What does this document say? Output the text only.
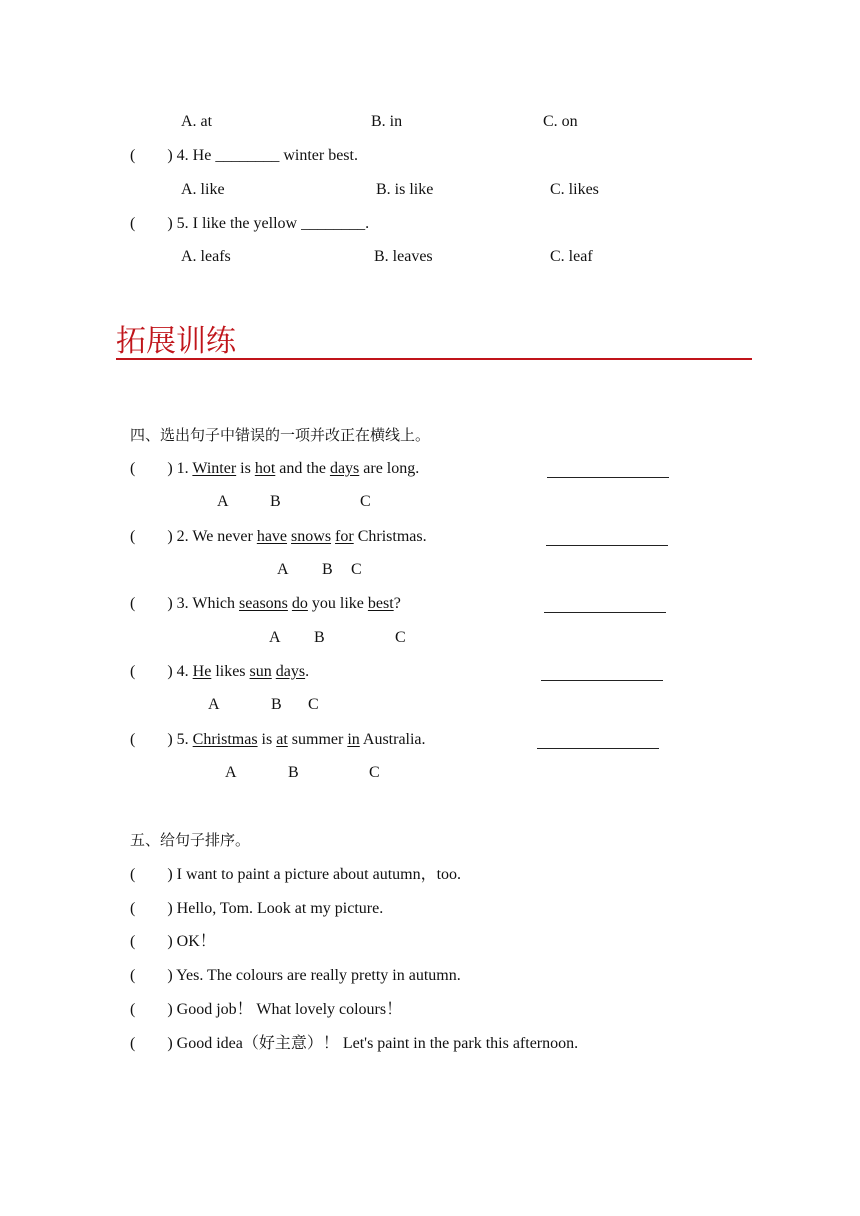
A. at	B. in	C. on
(        ) 4. He ________ winter best.
A. like	B. is like	C. likes
(        ) 5. I like the yellow ________.
A. leafs	B. leaves	C. leaf
拓展训练
四、选出句子中错误的一项并改正在横线上。
(        ) 1. Winter is hot and the days are long.
A	B	C
(        ) 2. We never have snows for Christmas.
A B C
(        ) 3. Which seasons do you like best?
A B	C
(        ) 4. He likes sun days.
A	B C
(        ) 5. Christmas is at summer in Australia.
A	B	C
五、给句子排序。
(        ) I want to paint a picture about autumn，too.
(        ) Hello, Tom. Look at my picture.
(        ) OK！
(        ) Yes. The colours are really pretty in autumn.
(        ) Good job！ What lovely colours！
(        ) Good idea（好主意）！ Let's paint in the park this afternoon.
